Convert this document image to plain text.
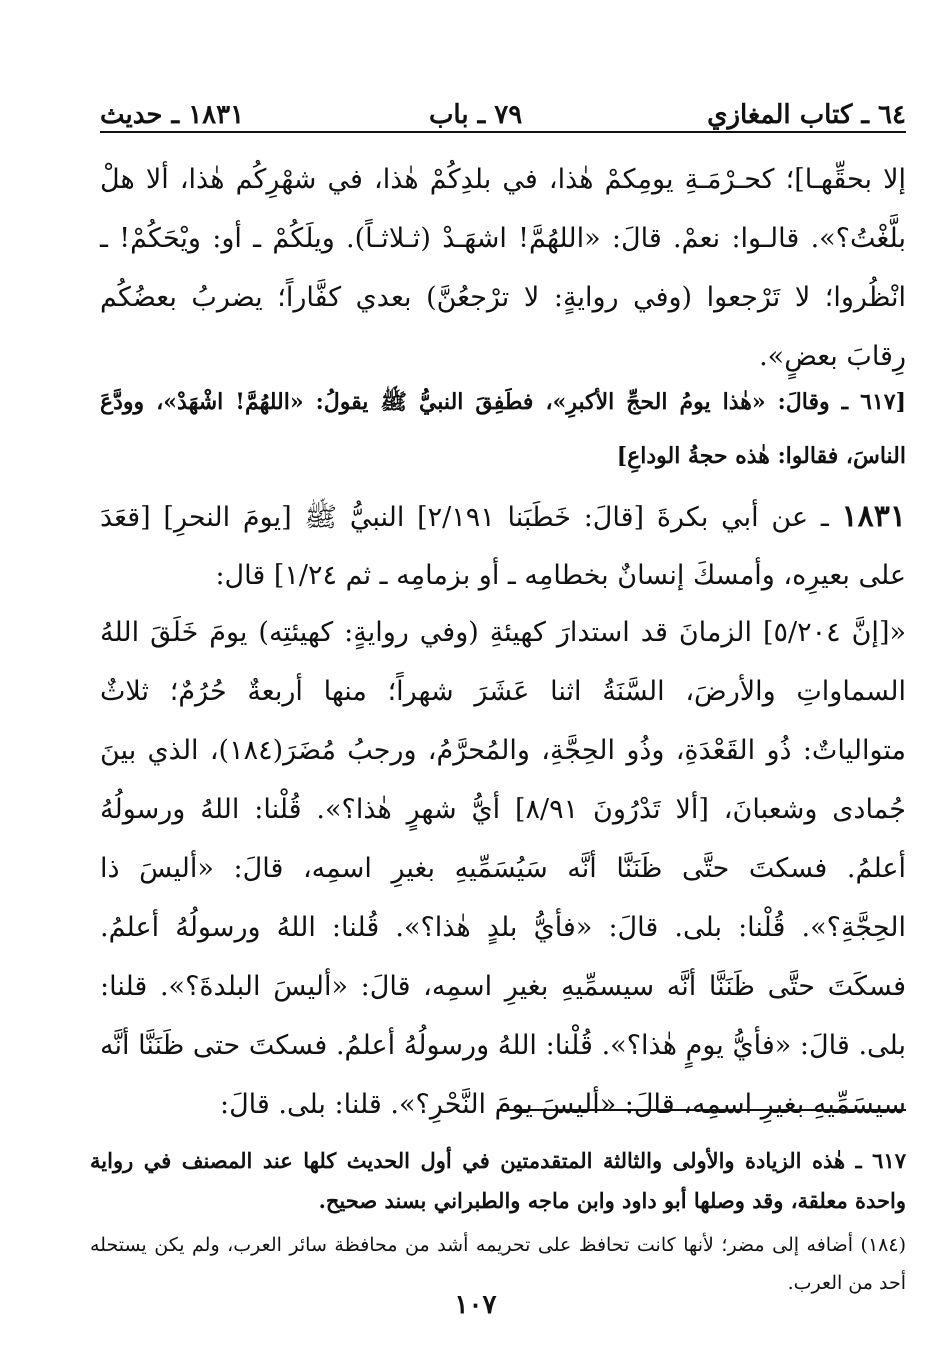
١٨٣١ ـ حديث	٧٩ ـ باب	٦٤ ـ كتاب المغازي

إلا بحقِّهـا]؛ كحـرْمَـةِ يومِكمْ هٰذا، في بلدِكُمْ هٰذا، في شهْرِكُم هٰذا، ألا هلْ بلَّغْتُ؟». قالـوا: نعمْ. قالَ: «اللهُمَّ! اشهَـدْ (ثـلاثـاً). ويلَكُمْ ـ أو: ويْحَكُمْ! ـ انْظُروا؛ لا تَرْجعوا (وفي روايةٍ: لا ترْجعُنَّ) بعدي كفَّاراً؛ يضربُ بعضُكُم رِقابَ بعضٍ».

[٦١٧ ـ وقالَ: «هٰذا يومُ الحجِّ الأكبرِ»، فطَفِقَ النبيُّ ﷺ يقولُ: «اللهُمَّ! اشْهَدْ»، وودَّعَ الناسَ، فقالوا: هٰذه حجةُ الوداعِ]

١٨٣١ ـ عن أبي بكرةَ [قالَ: خَطَبَنا ٢/١٩١] النبيُّ ﷺ [يومَ النحرِ] [قعَدَ على بعيرِه، وأمسكَ إنسانٌ بخطامِه ـ أو بزمامِه ـ ثم ١/٢٤] قال:

«[إنَّ ٥/٢٠٤] الزمانَ قد استدارَ كهيئةِ (وفي روايةٍ: كهيئتِه) يومَ خَلَقَ اللهُ السماواتِ والأرضَ، السَّنَةُ اثنا عَشَرَ شهراً؛ منها أربعةٌ حُرُمٌ؛ ثلاثٌ متوالياتٌ: ذُو القَعْدَةِ، وذُو الحِجَّةِ، والمُحرَّمُ، ورجبُ مُضَرَ(١٨٤)، الذي بينَ جُمادى وشعبانَ، [ألا تَدْرُونَ ٨/٩١] أيُّ شهرٍ هٰذا؟». قُلْنا: اللهُ ورسولُهُ أعلمُ. فسكتَ حتَّى ظَنَنَّا أنَّه سَيُسَمِّيهِ بغيرِ اسمِه، قالَ: «أليسَ ذا الحِجَّةِ؟». قُلْنا: بلى. قالَ: «فأيُّ بلدٍ هٰذا؟». قُلنا: اللهُ ورسولُهُ أعلمُ. فسكَتَ حتَّى ظَنَنَّا أنَّه سيسمِّيهِ بغيرِ اسمِه، قالَ: «أليسَ البلدةَ؟». قلنا: بلى. قالَ: «فأيُّ يومٍ هٰذا؟». قُلْنا: اللهُ ورسولُهُ أعلمُ. فسكتَ حتى ظَنَنَّا أنَّه سيسَمِّيهِ بغيرِ اسمِه، قالَ: «أليسَ يومَ النَّحْرِ؟». قلنا: بلى. قالَ:

٦١٧ ـ هٰذه الزيادة والأولى والثالثة المتقدمتين في أول الحديث كلها عند المصنف في رواية واحدة معلقة، وقد وصلها أبو داود وابن ماجه والطبراني بسند صحيح.

(١٨٤) أضافه إلى مضر؛ لأنها كانت تحافظ على تحريمه أشد من محافظة سائر العرب، ولم يكن يستحله أحد من العرب.

١٠٧
